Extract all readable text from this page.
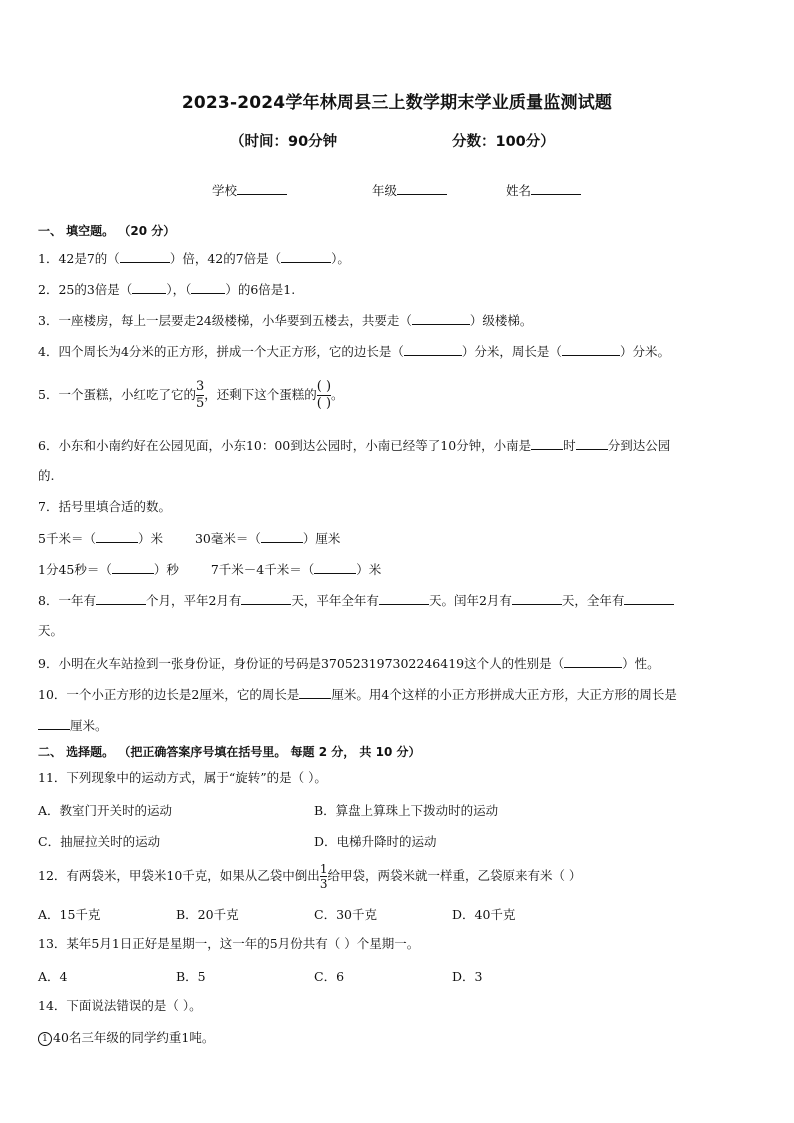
2023-2024学年林周县三上数学期末学业质量监测试题
（时间：90分钟	分数：100分）
学校	年级	姓名
一、 填空题。 （20 分）
1．42是7的（	）倍，42的7倍是（	）。
2．25的3倍是（	），（	）的6倍是1.
3．一座楼房，每上一层要走24级楼梯，小华要到五楼去，共要走（	）级楼梯。
4．四个周长为4分米的正方形，拼成一个大正方形，它的边长是（	）分米，周长是（	）分米。
5．一个蛋糕，小红吃了它的 $\frac{3}{5}$ ，还剩下这个蛋糕的 $\frac{( )}{( )}$ 。
6．小东和小南约好在公园见面，小东10：00到达公园时，小南已经等了10分钟，小南是	时	分到达公园
的.
7．括号里填合适的数。
5千米＝（	）米	30毫米＝（	）厘米
1分45秒＝（	）秒	7千米－4千米＝（	）米
8．一年有	个月，平年2月有	天，平年全年有	天。闰年2月有	天，全年有
天。
9．小明在火车站捡到一张身份证，身份证的号码是370523197302246419这个人的性别是（	）性。
10．一个小正方形的边长是2厘米，它的周长是	厘米。用4个这样的小正方形拼成大正方形，大正方形的周长是
厘米。
二、 选择题。 （把正确答案序号填在括号里。 每题 2 分， 共 10 分）
11．下列现象中的运动方式，属于“旋转”的是（ ）。
A．教室门开关时的运动	B．算盘上算珠上下拨动时的运动
C．抽屉拉关时的运动	D．电梯升降时的运动
12．有两袋米，甲袋米10千克，如果从乙袋中倒出 $\frac{1}{3}$ 给甲袋，两袋米就一样重，乙袋原来有米（ ）
A．15千克	B．20千克	C．30千克	D．40千克
13．某年5月1日正好是星期一，这一年的5月份共有（ ）个星期一。
A．4	B．5	C．6	D．3
14．下面说法错误的是（ ）。
1 40名三年级的同学约重1吨。
